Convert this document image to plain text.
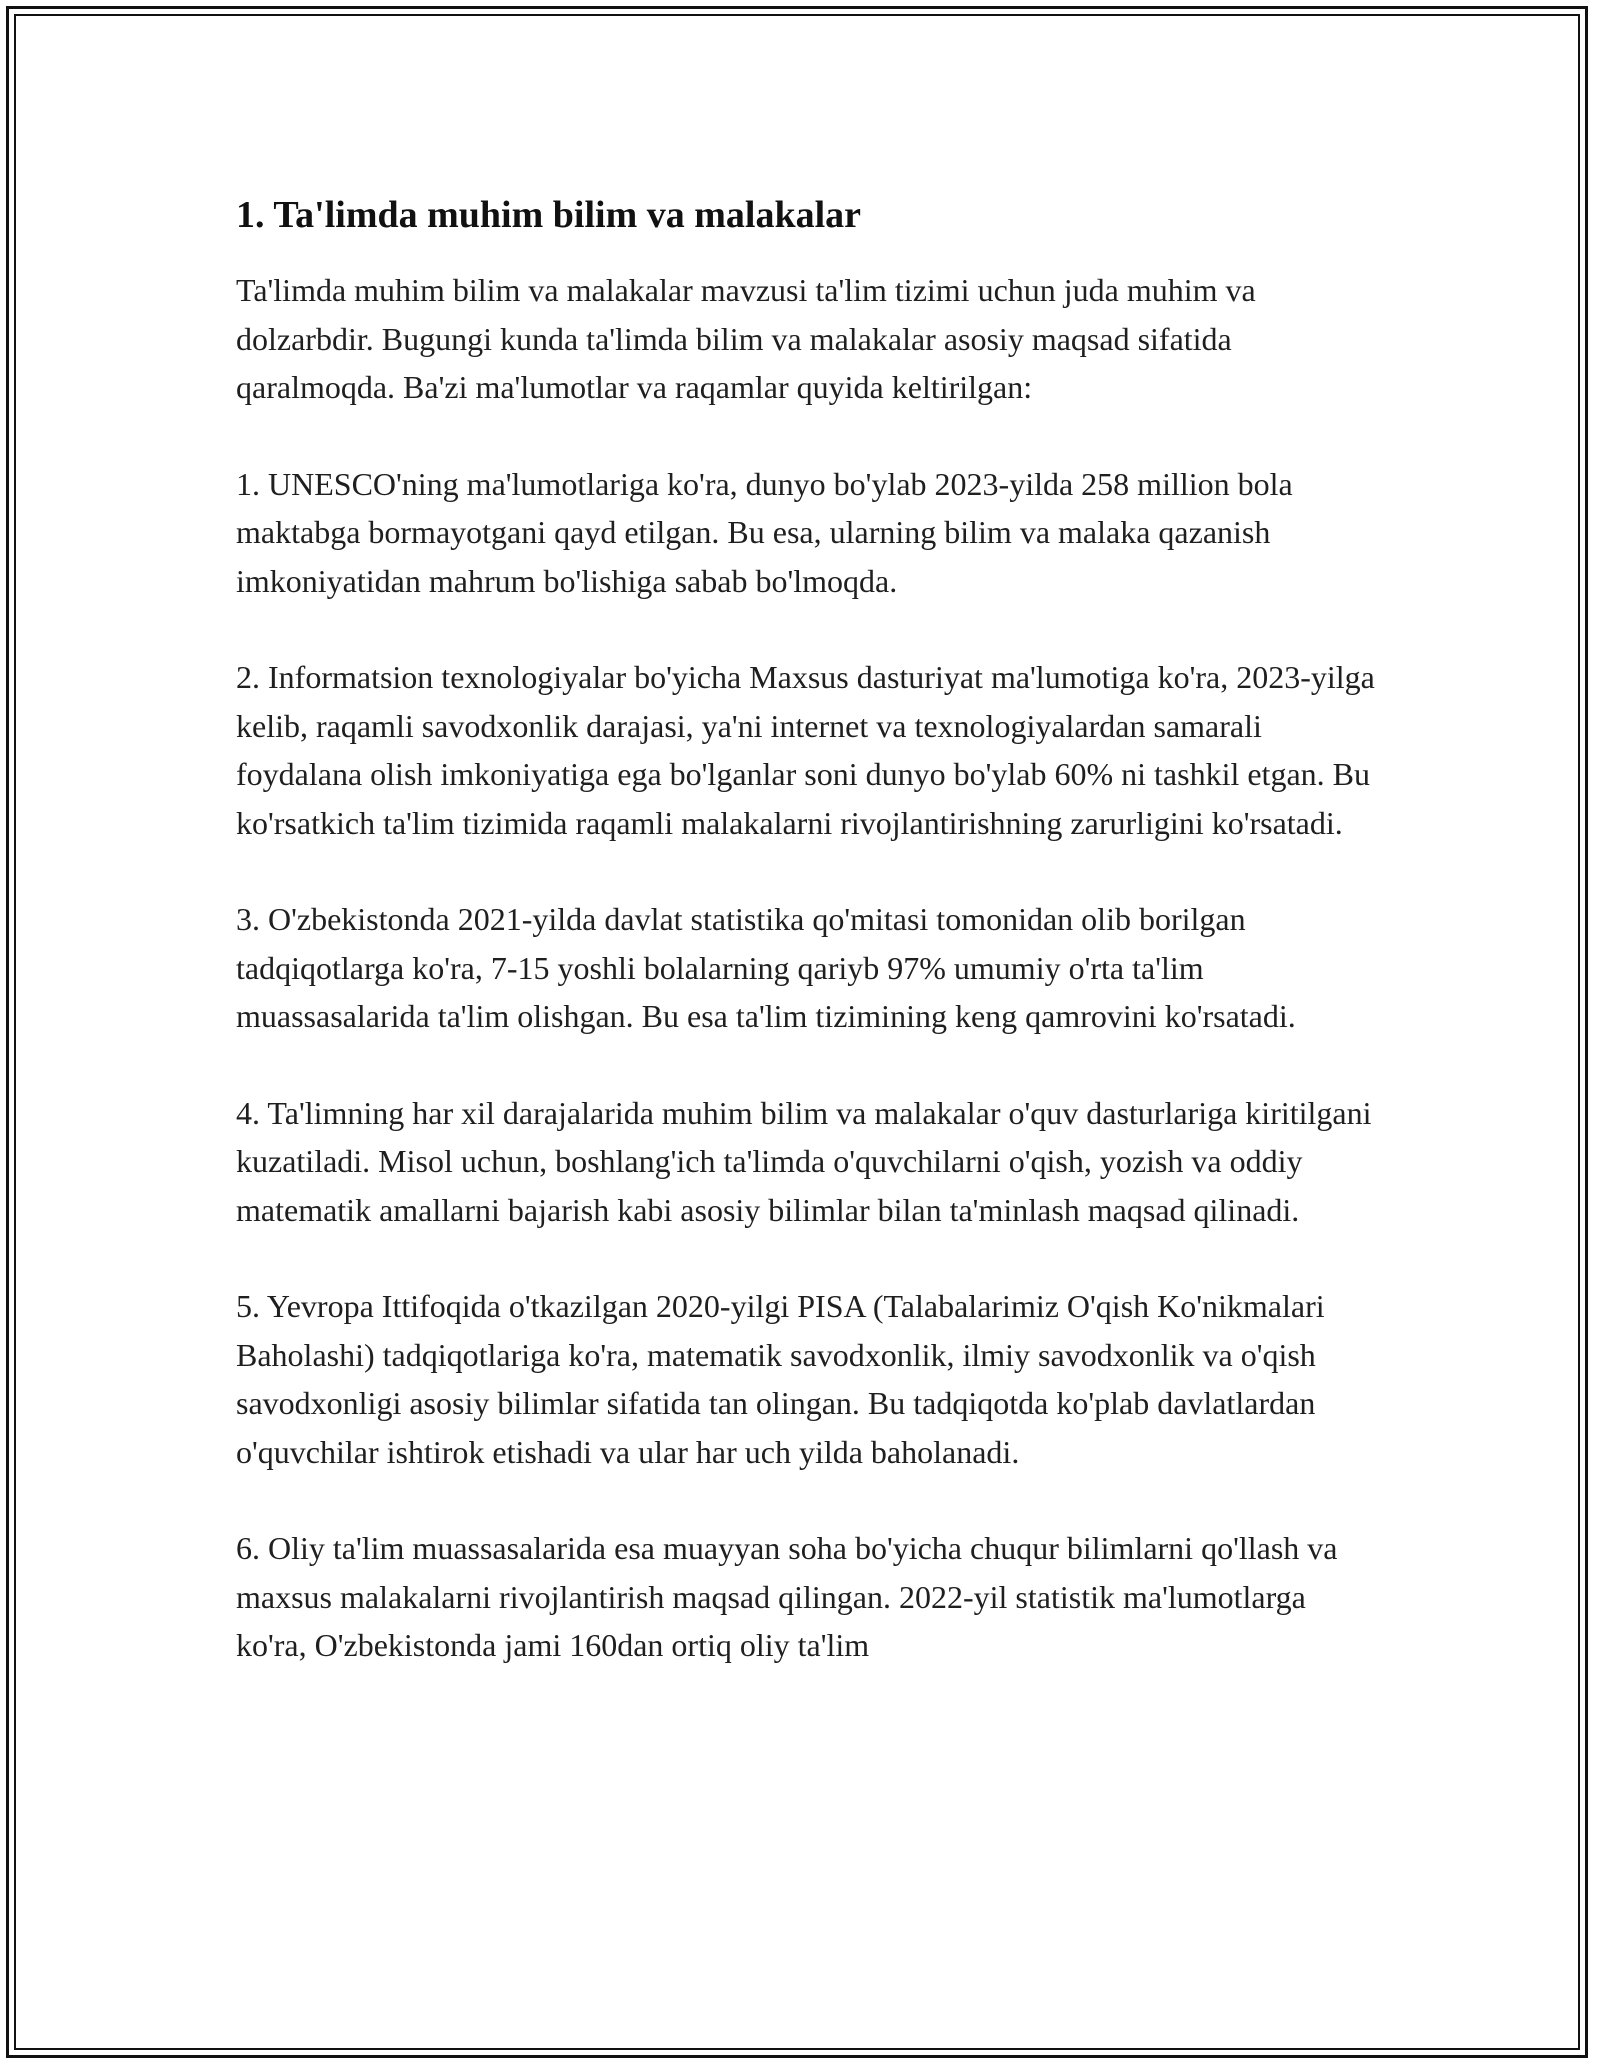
1. Ta'limda muhim bilim va malakalar

Ta'limda muhim bilim va malakalar mavzusi ta'lim tizimi uchun juda muhim va dolzarbdir. Bugungi kunda ta'limda bilim va malakalar asosiy maqsad sifatida qaralmoqda. Ba'zi ma'lumotlar va raqamlar quyida keltirilgan:

1. UNESCO'ning ma'lumotlariga ko'ra, dunyo bo'ylab 2023-yilda 258 million bola maktabga bormayotgani qayd etilgan. Bu esa, ularning bilim va malaka qazanish imkoniyatidan mahrum bo'lishiga sabab bo'lmoqda.

2. Informatsion texnologiyalar bo'yicha Maxsus dasturiyat ma'lumotiga ko'ra, 2023-yilga kelib, raqamli savodxonlik darajasi, ya'ni internet va texnologiyalardan samarali foydalana olish imkoniyatiga ega bo'lganlar soni dunyo bo'ylab 60% ni tashkil etgan. Bu ko'rsatkich ta'lim tizimida raqamli malakalarni rivojlantirishning zarurligini ko'rsatadi.

3. O'zbekistonda 2021-yilda davlat statistika qo'mitasi tomonidan olib borilgan tadqiqotlarga ko'ra, 7-15 yoshli bolalarning qariyb 97% umumiy o'rta ta'lim muassasalarida ta'lim olishgan. Bu esa ta'lim tizimining keng qamrovini ko'rsatadi.

4. Ta'limning har xil darajalarida muhim bilim va malakalar o'quv dasturlariga kiritilgani kuzatiladi. Misol uchun, boshlang'ich ta'limda o'quvchilarni o'qish, yozish va oddiy matematik amallarni bajarish kabi asosiy bilimlar bilan ta'minlash maqsad qilinadi.

5. Yevropa Ittifoqida o'tkazilgan 2020-yilgi PISA (Talabalarimiz O'qish Ko'nikmalari Baholashi) tadqiqotlariga ko'ra, matematik savodxonlik, ilmiy savodxonlik va o'qish savodxonligi asosiy bilimlar sifatida tan olingan. Bu tadqiqotda ko'plab davlatlardan o'quvchilar ishtirok etishadi va ular har uch yilda baholanadi.

6. Oliy ta'lim muassasalarida esa muayyan soha bo'yicha chuqur bilimlarni qo'llash va maxsus malakalarni rivojlantirish maqsad qilingan. 2022-yil statistik ma'lumotlarga ko'ra, O'zbekistonda jami 160dan ortiq oliy ta'lim
